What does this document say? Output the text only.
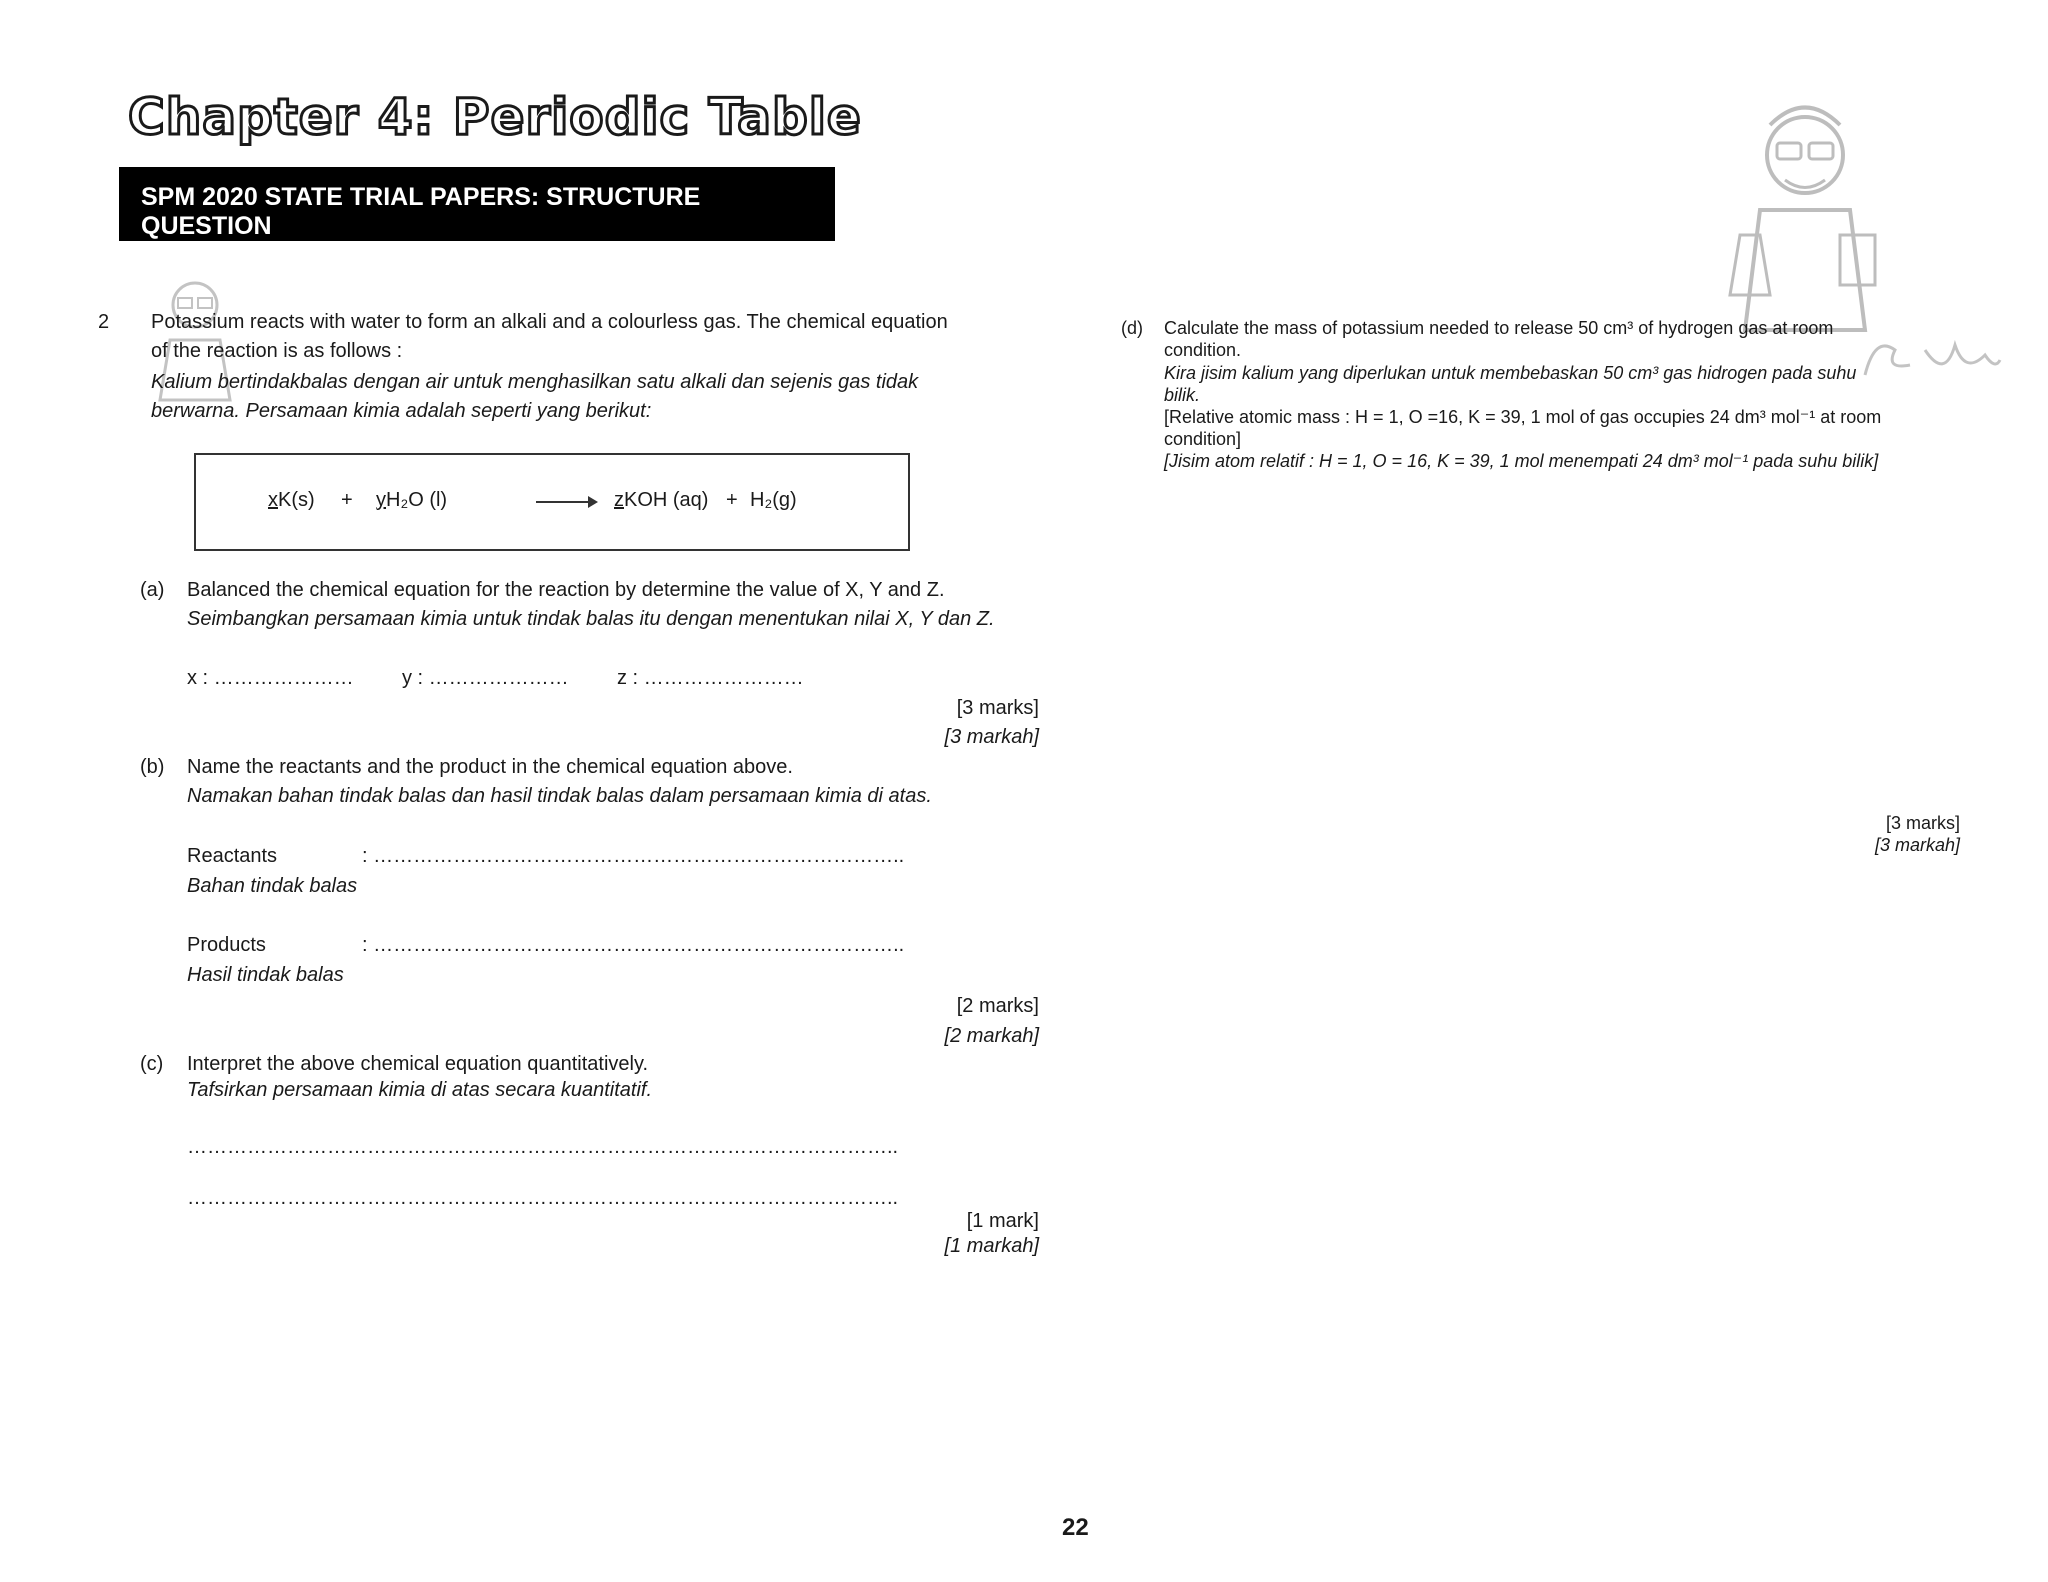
Chapter 4: Periodic Table
SPM 2020 STATE TRIAL PAPERS: STRUCTURE QUESTION
2 Potassium reacts with water to form an alkali and a colourless gas. The chemical equation
of the reaction is as follows :
Kalium bertindakbalas dengan air untuk menghasilkan satu alkali dan sejenis gas tidak
berwarna. Persamaan kimia adalah seperti yang berikut:
xK(s) + yH₂O (l)	→ zKOH (aq) + H₂(g)
(a) Balanced the chemical equation for the reaction by determine the value of X, Y and Z.
Seimbangkan persamaan kimia untuk tindak balas itu dengan menentukan nilai X, Y dan Z.
x : ………………… y : ………………… z : ……………………
[3 marks]
[3 markah]
(b) Name the reactants and the product in the chemical equation above.
Namakan bahan tindak balas dan hasil tindak balas dalam persamaan kimia di atas.
Reactants	: ……………………………………………………………………..
Bahan tindak balas
Products	: ……………………………………………………………………..
Hasil tindak balas
[2 marks]
[2 markah]
(c) Interpret the above chemical equation quantitatively.
Tafsirkan persamaan kimia di atas secara kuantitatif.
……………………………………………………………………………………………..
……………………………………………………………………………………………..
[1 mark]
[1 markah]
(d) Calculate the mass of potassium needed to release 50 cm³ of hydrogen gas at room
condition.
Kira jisim kalium yang diperlukan untuk membebaskan 50 cm³ gas hidrogen pada suhu
bilik.
[Relative atomic mass : H = 1, O =16, K = 39, 1 mol of gas occupies 24 dm³ mol⁻¹ at room
condition]
[Jisim atom relatif : H = 1, O = 16, K = 39, 1 mol menempati 24 dm³ mol⁻¹ pada suhu bilik]
[3 marks]
[3 markah]
22
